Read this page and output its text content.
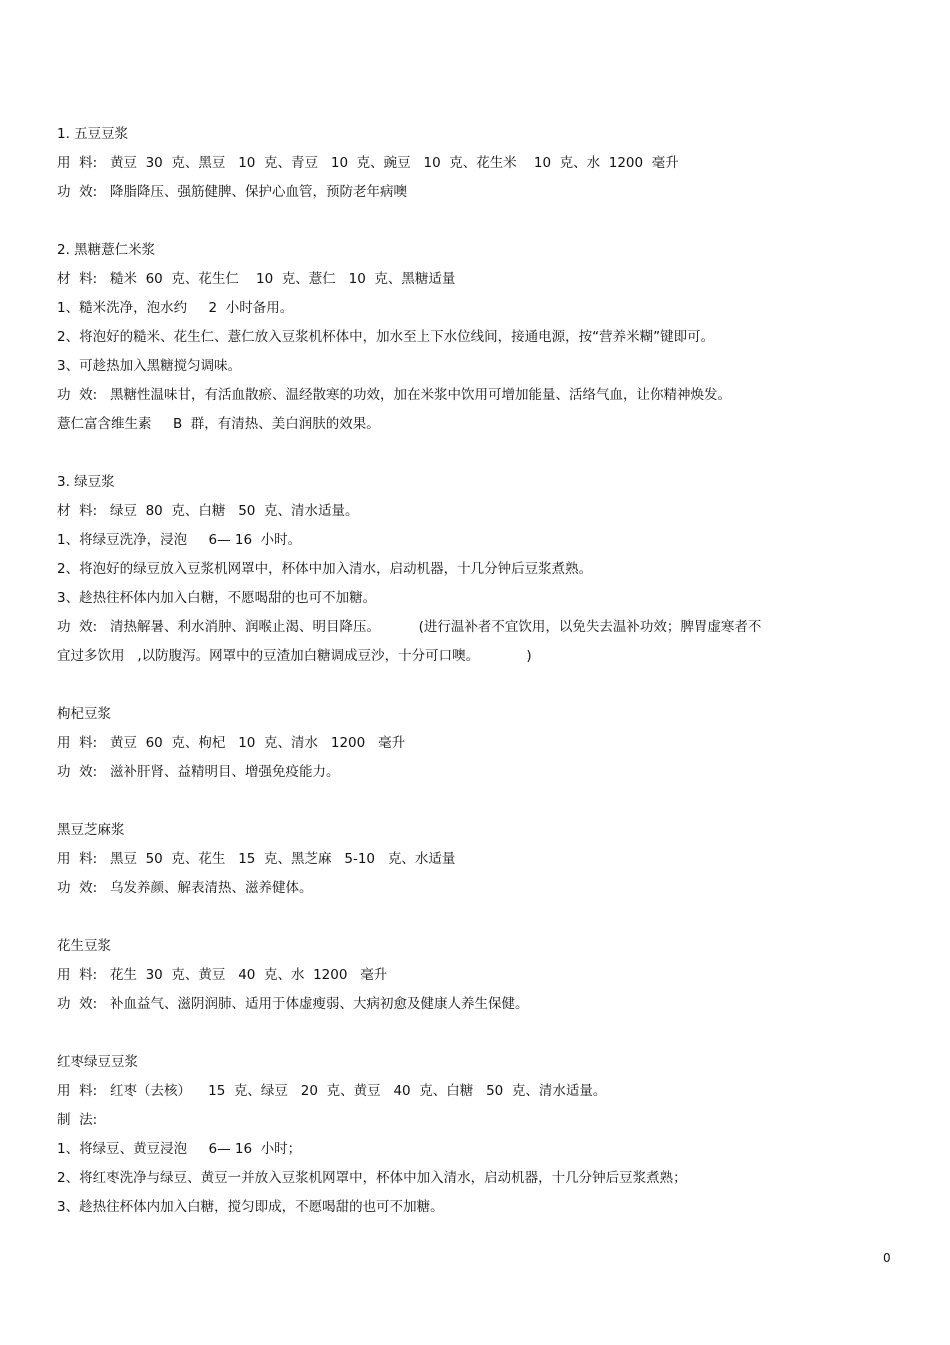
1. 五豆豆浆
用  料:   黄豆  30  克、黑豆   10  克、青豆   10  克、豌豆   10  克、花生米    10  克、水  1200  毫升
功  效:   降脂降压、强筋健脾、保护心血管，预防老年病噢
2. 黑糖薏仁米浆
材  料:   糙米  60  克、花生仁    10  克、薏仁   10  克、黑糖适量
1、糙米洗净，泡水约     2  小时备用。
2、将泡好的糙米、花生仁、薏仁放入豆浆机杯体中，加水至上下水位线间，接通电源，按“营养米糊”键即可。
3、可趁热加入黑糖搅匀调味。
功  效:   黑糖性温味甘，有活血散瘀、温经散寒的功效，加在米浆中饮用可增加能量、活络气血，让你精神焕发。
薏仁富含维生素     B  群，有清热、美白润肤的效果。
3. 绿豆浆
材  料:   绿豆  80  克、白糖   50  克、清水适量。
1、将绿豆洗净，浸泡     6— 16  小时。
2、将泡好的绿豆放入豆浆机网罩中，杯体中加入清水，启动机器，十几分钟后豆浆煮熟。
3、趁热往杯体内加入白糖，不愿喝甜的也可不加糖。
功  效:   清热解暑、利水消肿、润喉止渴、明目降压。         (进行温补者不宜饮用，以免失去温补功效；脾胃虚寒者不
宜过多饮用   ,以防腹泻。网罩中的豆渣加白糖调成豆沙，十分可口噢。           )
枸杞豆浆
用  料:   黄豆  60  克、枸杞   10  克、清水   1200   毫升
功  效:   滋补肝肾、益精明目、增强免疫能力。
黑豆芝麻浆
用  料:   黑豆  50  克、花生   15  克、黑芝麻   5-10   克、水适量
功  效:   乌发养颜、解表清热、滋养健体。
花生豆浆
用  料:   花生  30  克、黄豆   40  克、水  1200   毫升
功  效:   补血益气、滋阴润肺、适用于体虚瘦弱、大病初愈及健康人养生保健。
红枣绿豆豆浆
用  料:   红枣（去核）    15  克、绿豆   20  克、黄豆   40  克、白糖   50  克、清水适量。
制  法:
1、将绿豆、黄豆浸泡     6— 16  小时；
2、将红枣洗净与绿豆、黄豆一并放入豆浆机网罩中，杯体中加入清水，启动机器，十几分钟后豆浆煮熟；
3、趁热往杯体内加入白糖，搅匀即成，不愿喝甜的也可不加糖。
0
